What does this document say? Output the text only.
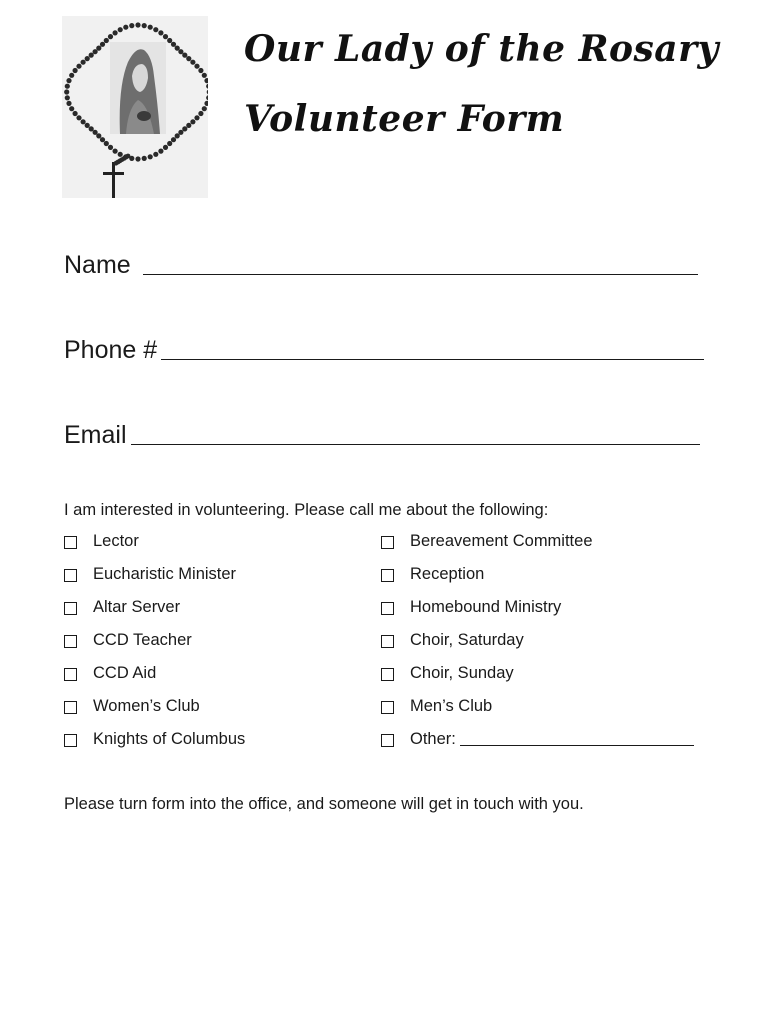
Our Lady of the Rosary
Volunteer Form
Name
Phone #
Email
I am interested in volunteering. Please call me about the following:
Lector
Eucharistic Minister
Altar Server
CCD Teacher
CCD Aid
Women’s Club
Knights of Columbus
Bereavement Committee
Reception
Homebound Ministry
Choir, Saturday
Choir, Sunday
Men’s Club
Other:
Please turn form into the office, and someone will get in touch with you.
